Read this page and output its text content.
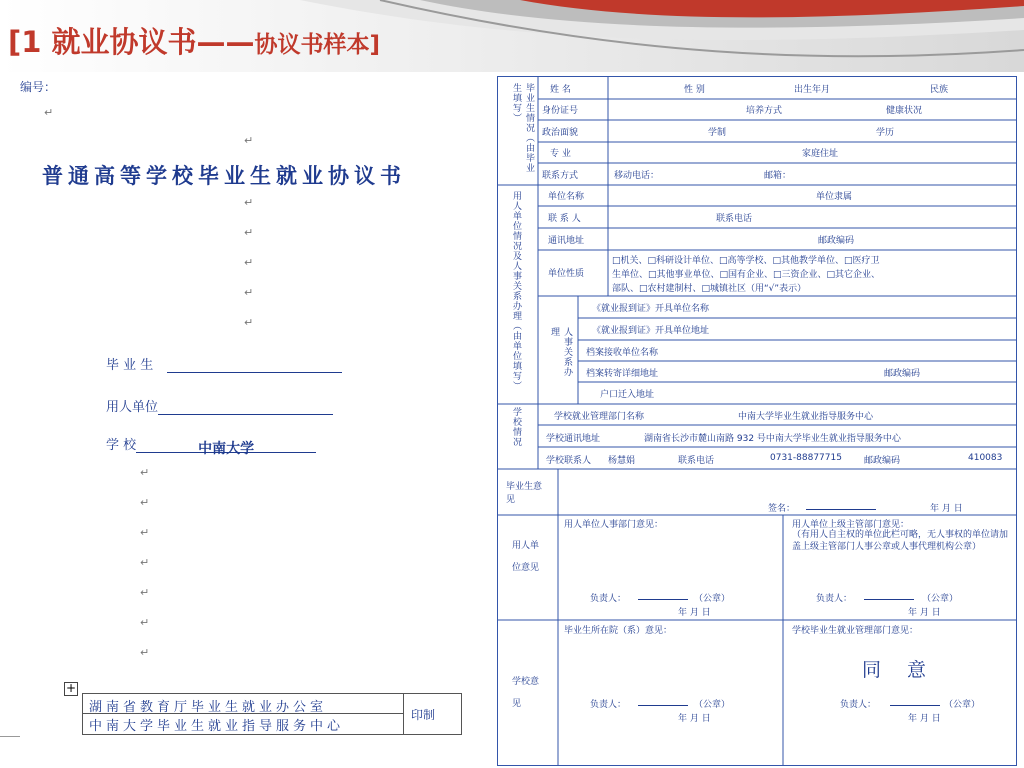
[1 就业协议书——协议书样本]
编号：
↵
↵
普通高等学校毕业生就业协议书
↵
↵
↵
↵
↵
毕 业 生
用人单位
学 校	中南大学
↵
↵
↵
↵
↵
↵
↵
+
湖南省教育厅毕业生就业办公室
中南大学毕业生就业指导服务中心
印制
毕业生情况（由毕业生填写）	姓 名	性 别	出生年月	民族
身份证号	培养方式	健康状况
政治面貌	学制	学历
专 业	家庭住址
联系方式	移动电话：	邮箱：
用人单位情况及人事关系办理（由单位填写）	单位名称	单位隶属
联 系 人	联系电话
通讯地址	邮政编码
单位性质
□机关、□科研设计单位、□高等学校、□其他教学单位、□医疗卫
生单位、□其他事业单位、□国有企业、□三资企业、□其它企业、
部队、□农村建制村、□城镇社区（用“√”表示）
人事关系办理
《就业报到证》开具单位名称
《就业报到证》开具单位地址
档案接收单位名称
档案转寄详细地址	邮政编码
户口迁入地址
学校情况	学校就业管理部门名称	中南大学毕业生就业指导服务中心
学校通讯地址	湖南省长沙市麓山南路 932 号中南大学毕业生就业指导服务中心
学校联系人 杨慧娟	联系电话	0731-88877715 邮政编码	410083
毕业生意见
签名：	年 月 日
用人单位意见
用人单位人事部门意见：	用人单位上级主管部门意见：
（有用人自主权的单位此栏可略，无人事权的单位请加盖上级主管部门人事公章或人事代理机构公章）
负责人：	（公章）
年 月 日
负责人：	（公章）
年 月 日
学校意见
毕业生所在院（系）意见：	学校毕业生就业管理部门意见：
同 意
负责人：	（公章）
年 月 日
负责人：	（公章）
年 月 日
